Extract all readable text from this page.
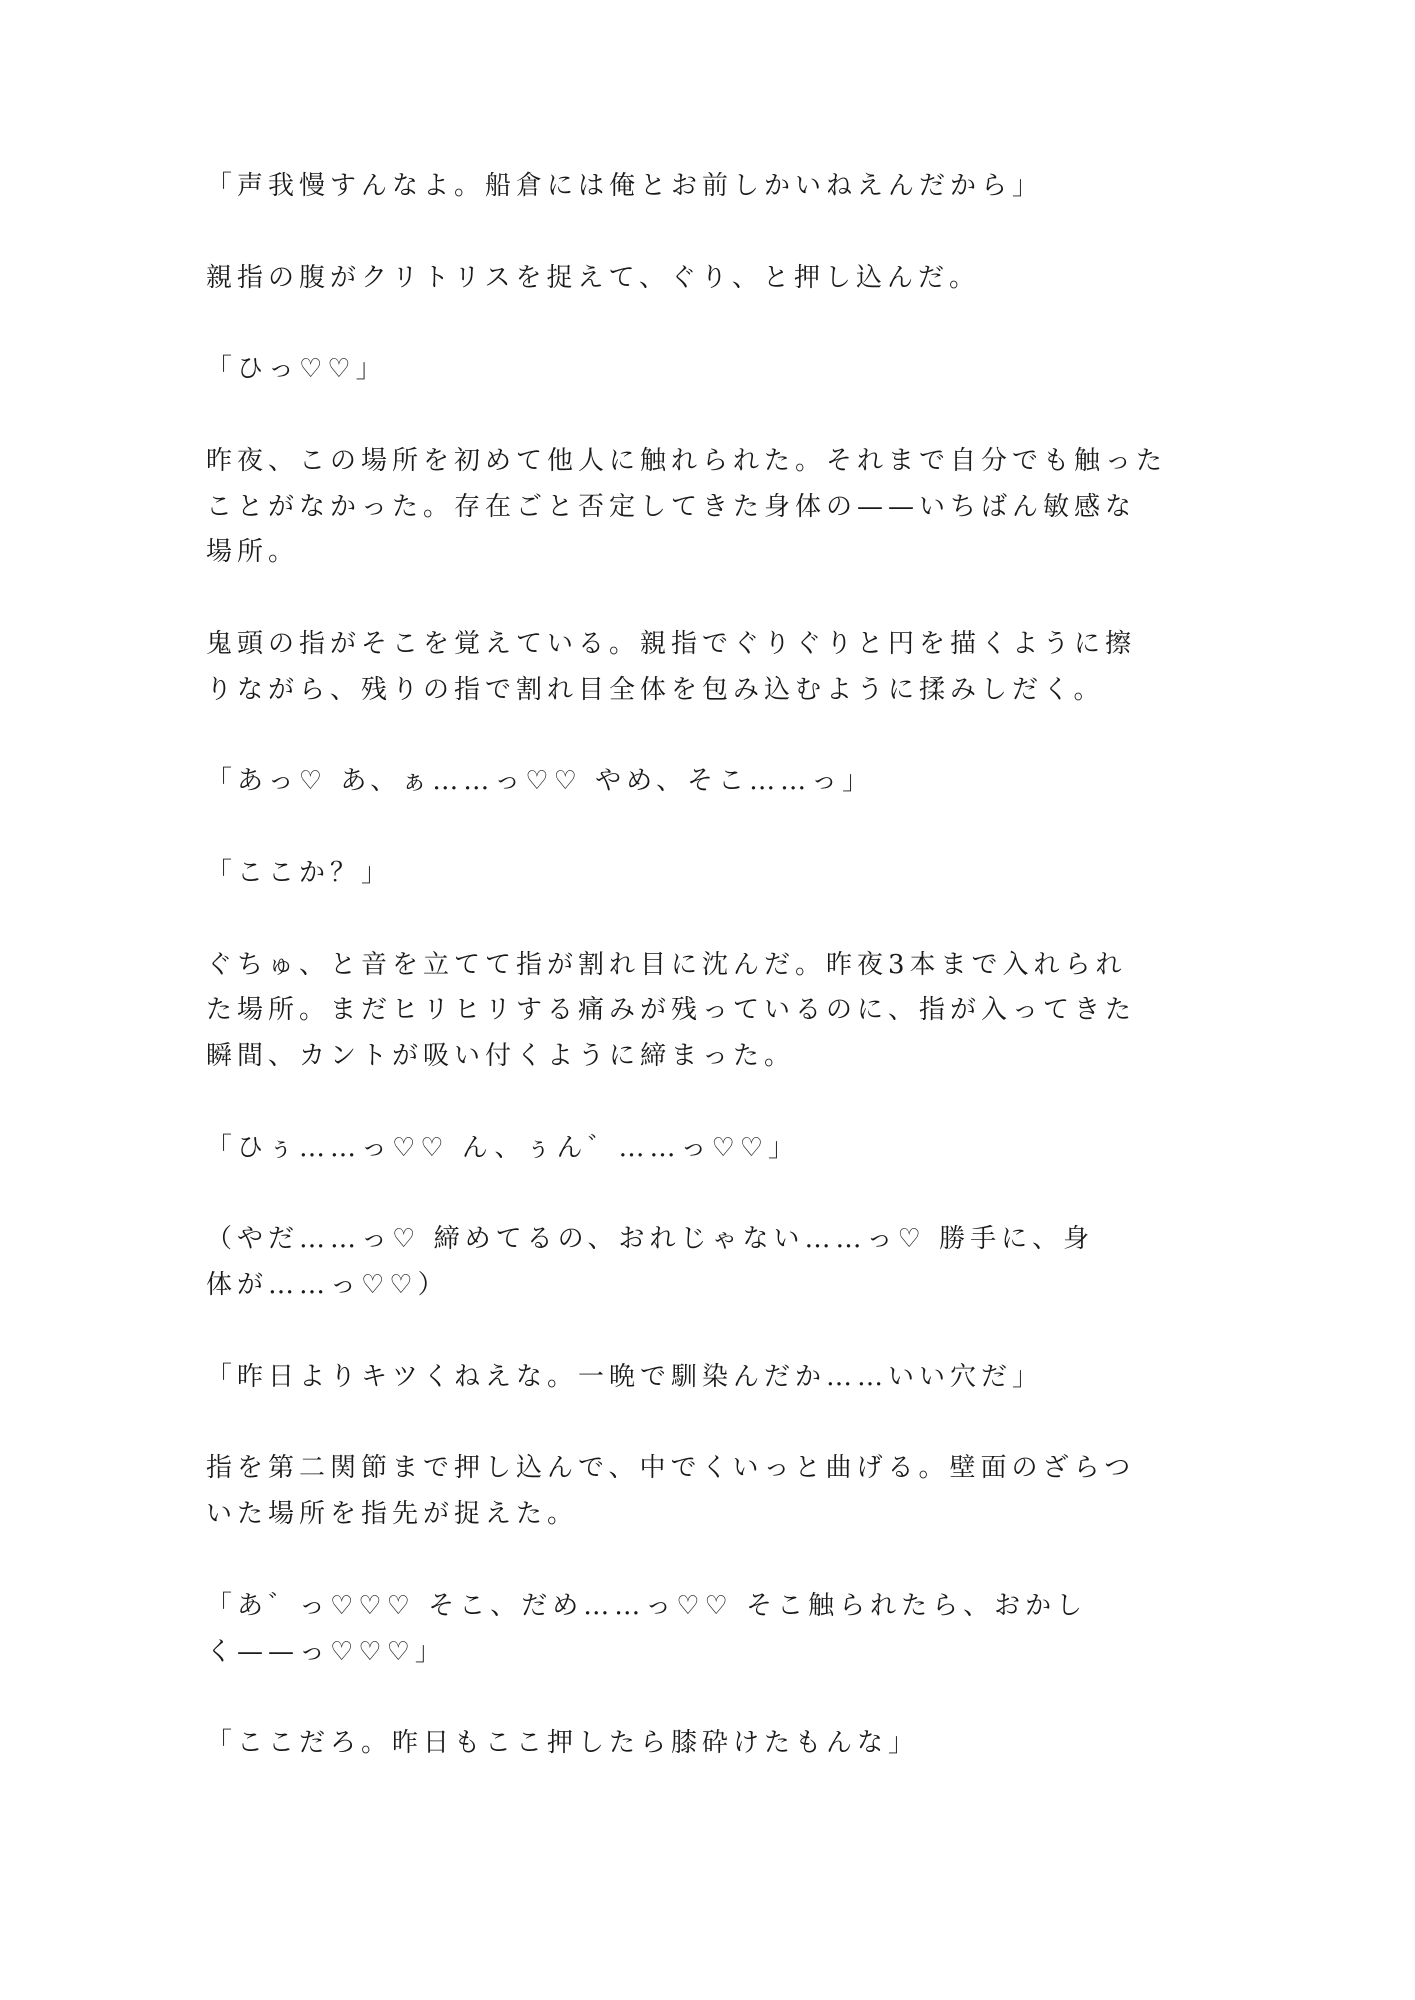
「声我慢すんなよ。船倉には俺とお前しかいねえんだから」
親指の腹がクリトリスを捉えて、ぐり、と押し込んだ。
「ひっ♡♡」
昨夜、この場所を初めて他人に触れられた。それまで自分でも触った
ことがなかった。存在ごと否定してきた身体の——いちばん敏感な
場所。
鬼頭の指がそこを覚えている。親指でぐりぐりと円を描くように擦
りながら、残りの指で割れ目全体を包み込むように揉みしだく。
「あっ♡ あ、ぁ……っ♡♡ やめ、そこ……っ」
「ここか？」
ぐちゅ、と音を立てて指が割れ目に沈んだ。昨夜3本まで入れられ
た場所。まだヒリヒリする痛みが残っているのに、指が入ってきた
瞬間、カントが吸い付くように締まった。
「ひぅ……っ♡♡ ん、ぅん゛……っ♡♡」
（やだ……っ♡ 締めてるの、おれじゃない……っ♡ 勝手に、身
体が……っ♡♡）
「昨日よりキツくねえな。一晩で馴染んだか……いい穴だ」
指を第二関節まで押し込んで、中でくいっと曲げる。壁面のざらつ
いた場所を指先が捉えた。
「あ゛っ♡♡♡ そこ、だめ……っ♡♡ そこ触られたら、おかし
く——っ♡♡♡」
「ここだろ。昨日もここ押したら膝砕けたもんな」
